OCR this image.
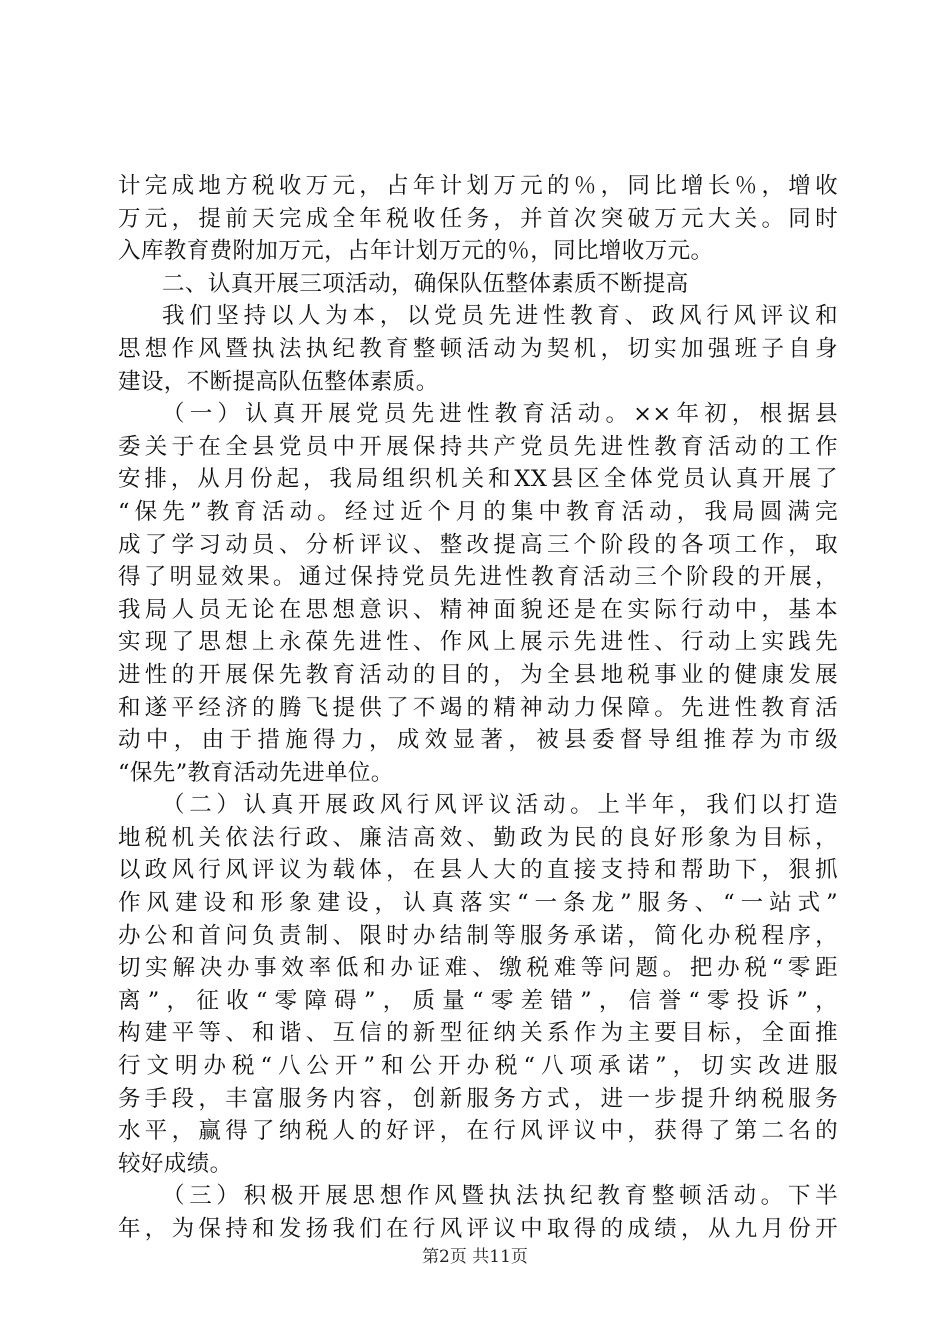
计完成地方税收万元，占年计划万元的％，同比增长％，增收
万元，提前天完成全年税收任务，并首次突破万元大关。同时
入库教育费附加万元，占年计划万元的％，同比增收万元。
二、认真开展三项活动，确保队伍整体素质不断提高
我们坚持以人为本，以党员先进性教育、政风行风评议和
思想作风暨执法执纪教育整顿活动为契机，切实加强班子自身
建设，不断提高队伍整体素质。
（一）认真开展党员先进性教育活动。××年初，根据县
委关于在全县党员中开展保持共产党员先进性教育活动的工作
安排，从月份起，我局组织机关和XX县区全体党员认真开展了
“保先”教育活动。经过近个月的集中教育活动，我局圆满完
成了学习动员、分析评议、整改提高三个阶段的各项工作，取
得了明显效果。通过保持党员先进性教育活动三个阶段的开展，
我局人员无论在思想意识、精神面貌还是在实际行动中，基本
实现了思想上永葆先进性、作风上展示先进性、行动上实践先
进性的开展保先教育活动的目的，为全县地税事业的健康发展
和遂平经济的腾飞提供了不竭的精神动力保障。先进性教育活
动中，由于措施得力，成效显著，被县委督导组推荐为市级
“保先”教育活动先进单位。
（二）认真开展政风行风评议活动。上半年，我们以打造
地税机关依法行政、廉洁高效、勤政为民的良好形象为目标，
以政风行风评议为载体，在县人大的直接支持和帮助下，狠抓
作风建设和形象建设，认真落实“一条龙”服务、“一站式”
办公和首问负责制、限时办结制等服务承诺，简化办税程序，
切实解决办事效率低和办证难、缴税难等问题。把办税“零距
离”，征收“零障碍”，质量“零差错”，信誉“零投诉”，
构建平等、和谐、互信的新型征纳关系作为主要目标，全面推
行文明办税“八公开”和公开办税“八项承诺”，切实改进服
务手段，丰富服务内容，创新服务方式，进一步提升纳税服务
水平，赢得了纳税人的好评，在行风评议中，获得了第二名的
较好成绩。
（三）积极开展思想作风暨执法执纪教育整顿活动。下半
年，为保持和发扬我们在行风评议中取得的成绩，从九月份开
第2页 共11页
